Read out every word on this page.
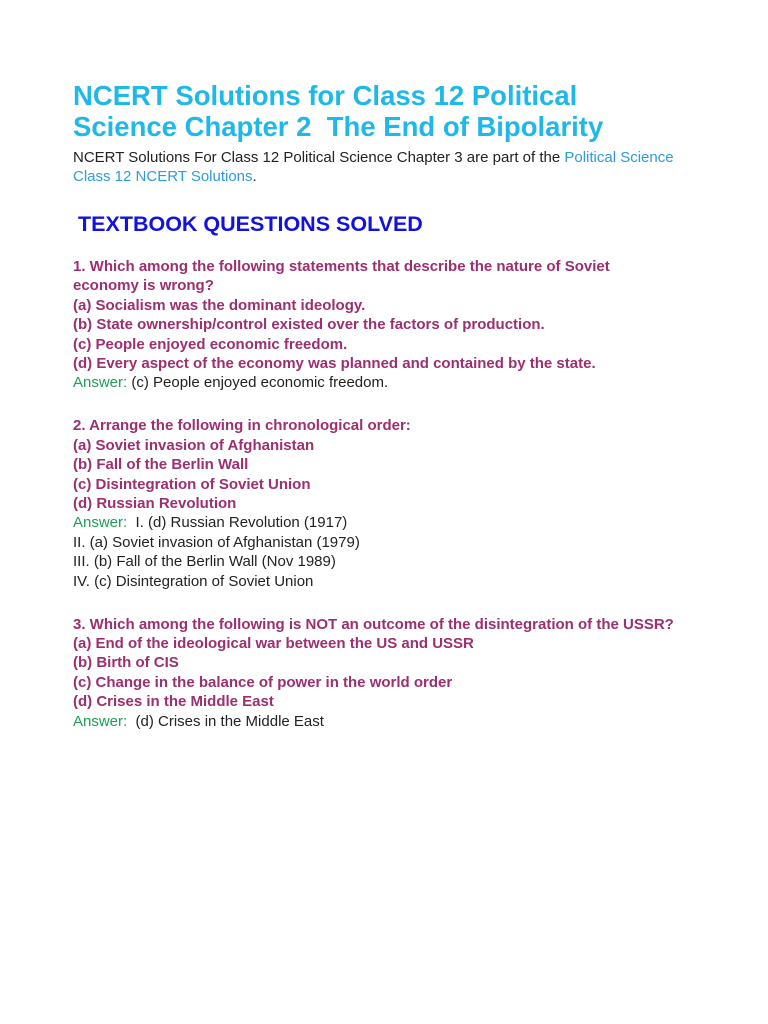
NCERT Solutions for Class 12 Political
Science Chapter 2  The End of Bipolarity

NCERT Solutions For Class 12 Political Science Chapter 3 are part of the Political Science
Class 12 NCERT Solutions.

TEXTBOOK QUESTIONS SOLVED
1. Which among the following statements that describe the nature of Soviet
economy is wrong?
(a) Socialism was the dominant ideology.
(b) State ownership/control existed over the factors of production.
(c) People enjoyed economic freedom.
(d) Every aspect of the economy was planned and contained by the state.
Answer: (c) People enjoyed economic freedom.
2. Arrange the following in chronological order:
(a) Soviet invasion of Afghanistan
(b) Fall of the Berlin Wall
(c) Disintegration of Soviet Union
(d) Russian Revolution
Answer:  I. (d) Russian Revolution (1917)
II. (a) Soviet invasion of Afghanistan (1979)
III. (b) Fall of the Berlin Wall (Nov 1989)
IV. (c) Disintegration of Soviet Union
3. Which among the following is NOT an outcome of the disintegration of the USSR?
(a) End of the ideological war between the US and USSR
(b) Birth of CIS
(c) Change in the balance of power in the world order
(d) Crises in the Middle East
Answer:  (d) Crises in the Middle East
